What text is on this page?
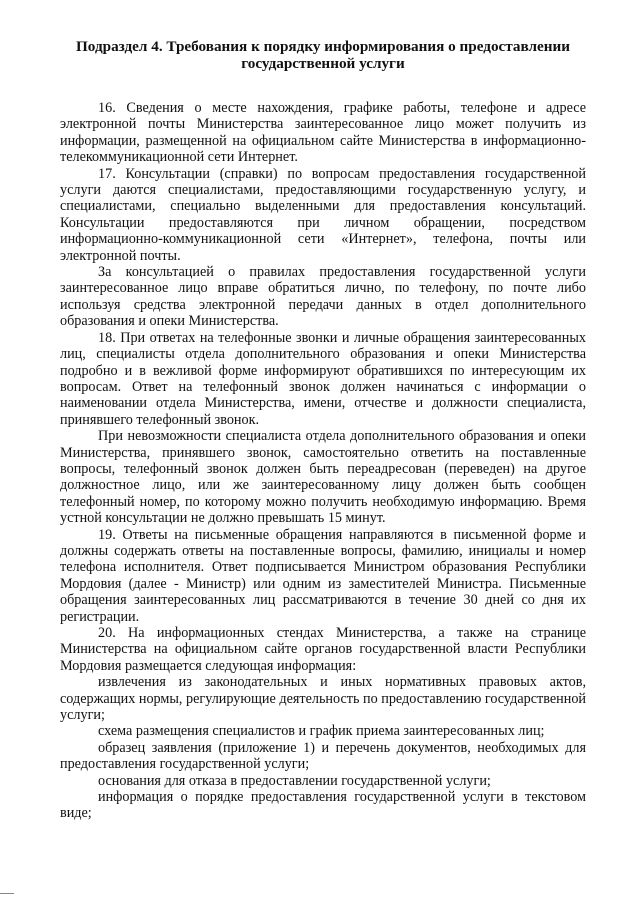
Подраздел 4. Требования к порядку информирования о предоставлении государственной услуги

16. Сведения о месте нахождения, графике работы, телефоне и адресе электронной почты Министерства заинтересованное лицо может получить из информации, размещенной на официальном сайте Министерства в информационно-телекоммуникационной сети Интернет.

17. Консультации (справки) по вопросам предоставления государственной услуги даются специалистами, предоставляющими государственную услугу, и специалистами, специально выделенными для предоставления консультаций. Консультации предоставляются при личном обращении, посредством информационно-коммуникационной сети «Интернет», телефона, почты или электронной почты.

За консультацией о правилах предоставления государственной услуги заинтересованное лицо вправе обратиться лично, по телефону, по почте либо используя средства электронной передачи данных в отдел дополнительного образования и опеки Министерства.

18. При ответах на телефонные звонки и личные обращения заинтересованных лиц, специалисты отдела дополнительного образования и опеки Министерства подробно и в вежливой форме информируют обратившихся по интересующим их вопросам. Ответ на телефонный звонок должен начинаться с информации о наименовании отдела Министерства, имени, отчестве и должности специалиста, принявшего телефонный звонок.

При невозможности специалиста отдела дополнительного образования и опеки Министерства, принявшего звонок, самостоятельно ответить на поставленные вопросы, телефонный звонок должен быть переадресован (переведен) на другое должностное лицо, или же заинтересованному лицу должен быть сообщен телефонный номер, по которому можно получить необходимую информацию. Время устной консультации не должно превышать 15 минут.

19. Ответы на письменные обращения направляются в письменной форме и должны содержать ответы на поставленные вопросы, фамилию, инициалы и номер телефона исполнителя. Ответ подписывается Министром образования Республики Мордовия (далее - Министр) или одним из заместителей Министра. Письменные обращения заинтересованных лиц рассматриваются в течение 30 дней со дня их регистрации.

20. На информационных стендах Министерства, а также на странице Министерства на официальном сайте органов государственной власти Республики Мордовия размещается следующая информация:

извлечения из законодательных и иных нормативных правовых актов, содержащих нормы, регулирующие деятельность по предоставлению государственной услуги;

схема размещения специалистов и график приема заинтересованных лиц;

образец заявления (приложение 1) и перечень документов, необходимых для предоставления государственной услуги;

основания для отказа в предоставлении государственной услуги;

информация о порядке предоставления государственной услуги в текстовом виде;
